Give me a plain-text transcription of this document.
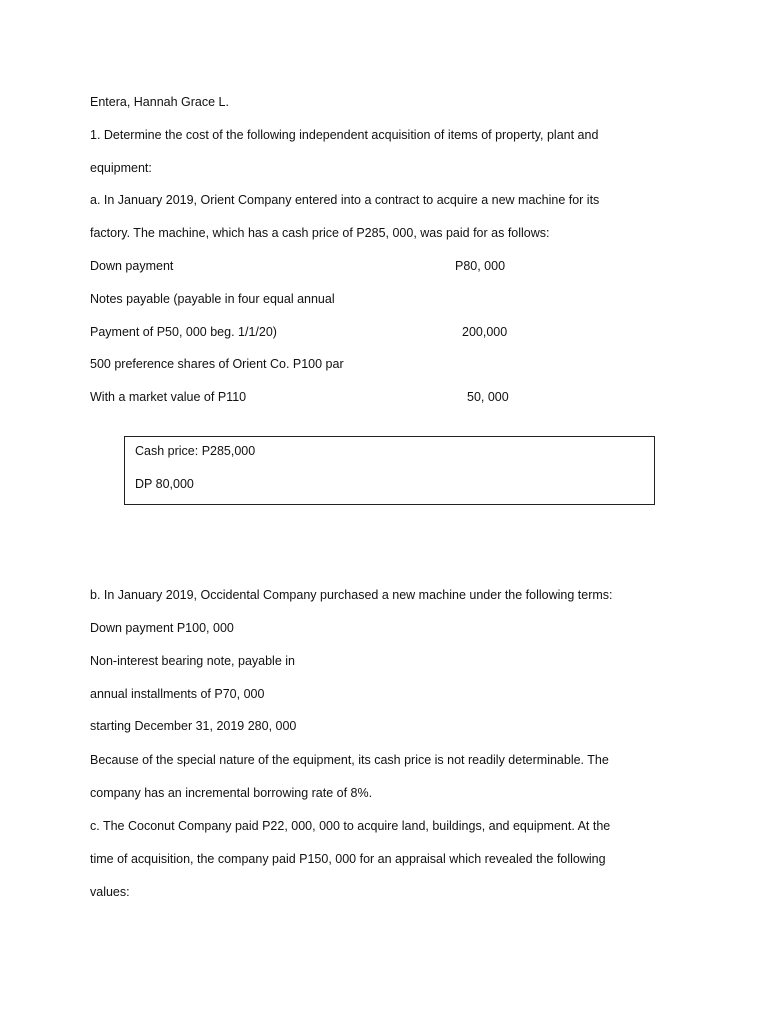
Entera, Hannah Grace L.
1. Determine the cost of the following independent acquisition of items of property, plant and
equipment:
a. In January 2019, Orient Company entered into a contract to acquire a new machine for its
factory. The machine, which has a cash price of P285, 000, was paid for as follows:
Down payment	P80, 000
Notes payable (payable in four equal annual
Payment of P50, 000 beg. 1/1/20)	200,000
500 preference shares of Orient Co. P100 par
With a market value of P110	50, 000
Cash price: P285,000
DP 80,000
b. In January 2019, Occidental Company purchased a new machine under the following terms:
Down payment P100, 000
Non-interest bearing note, payable in
annual installments of P70, 000
starting December 31, 2019 280, 000
Because of the special nature of the equipment, its cash price is not readily determinable. The
company has an incremental borrowing rate of 8%.
c. The Coconut Company paid P22, 000, 000 to acquire land, buildings, and equipment. At the
time of acquisition, the company paid P150, 000 for an appraisal which revealed the following
values:
